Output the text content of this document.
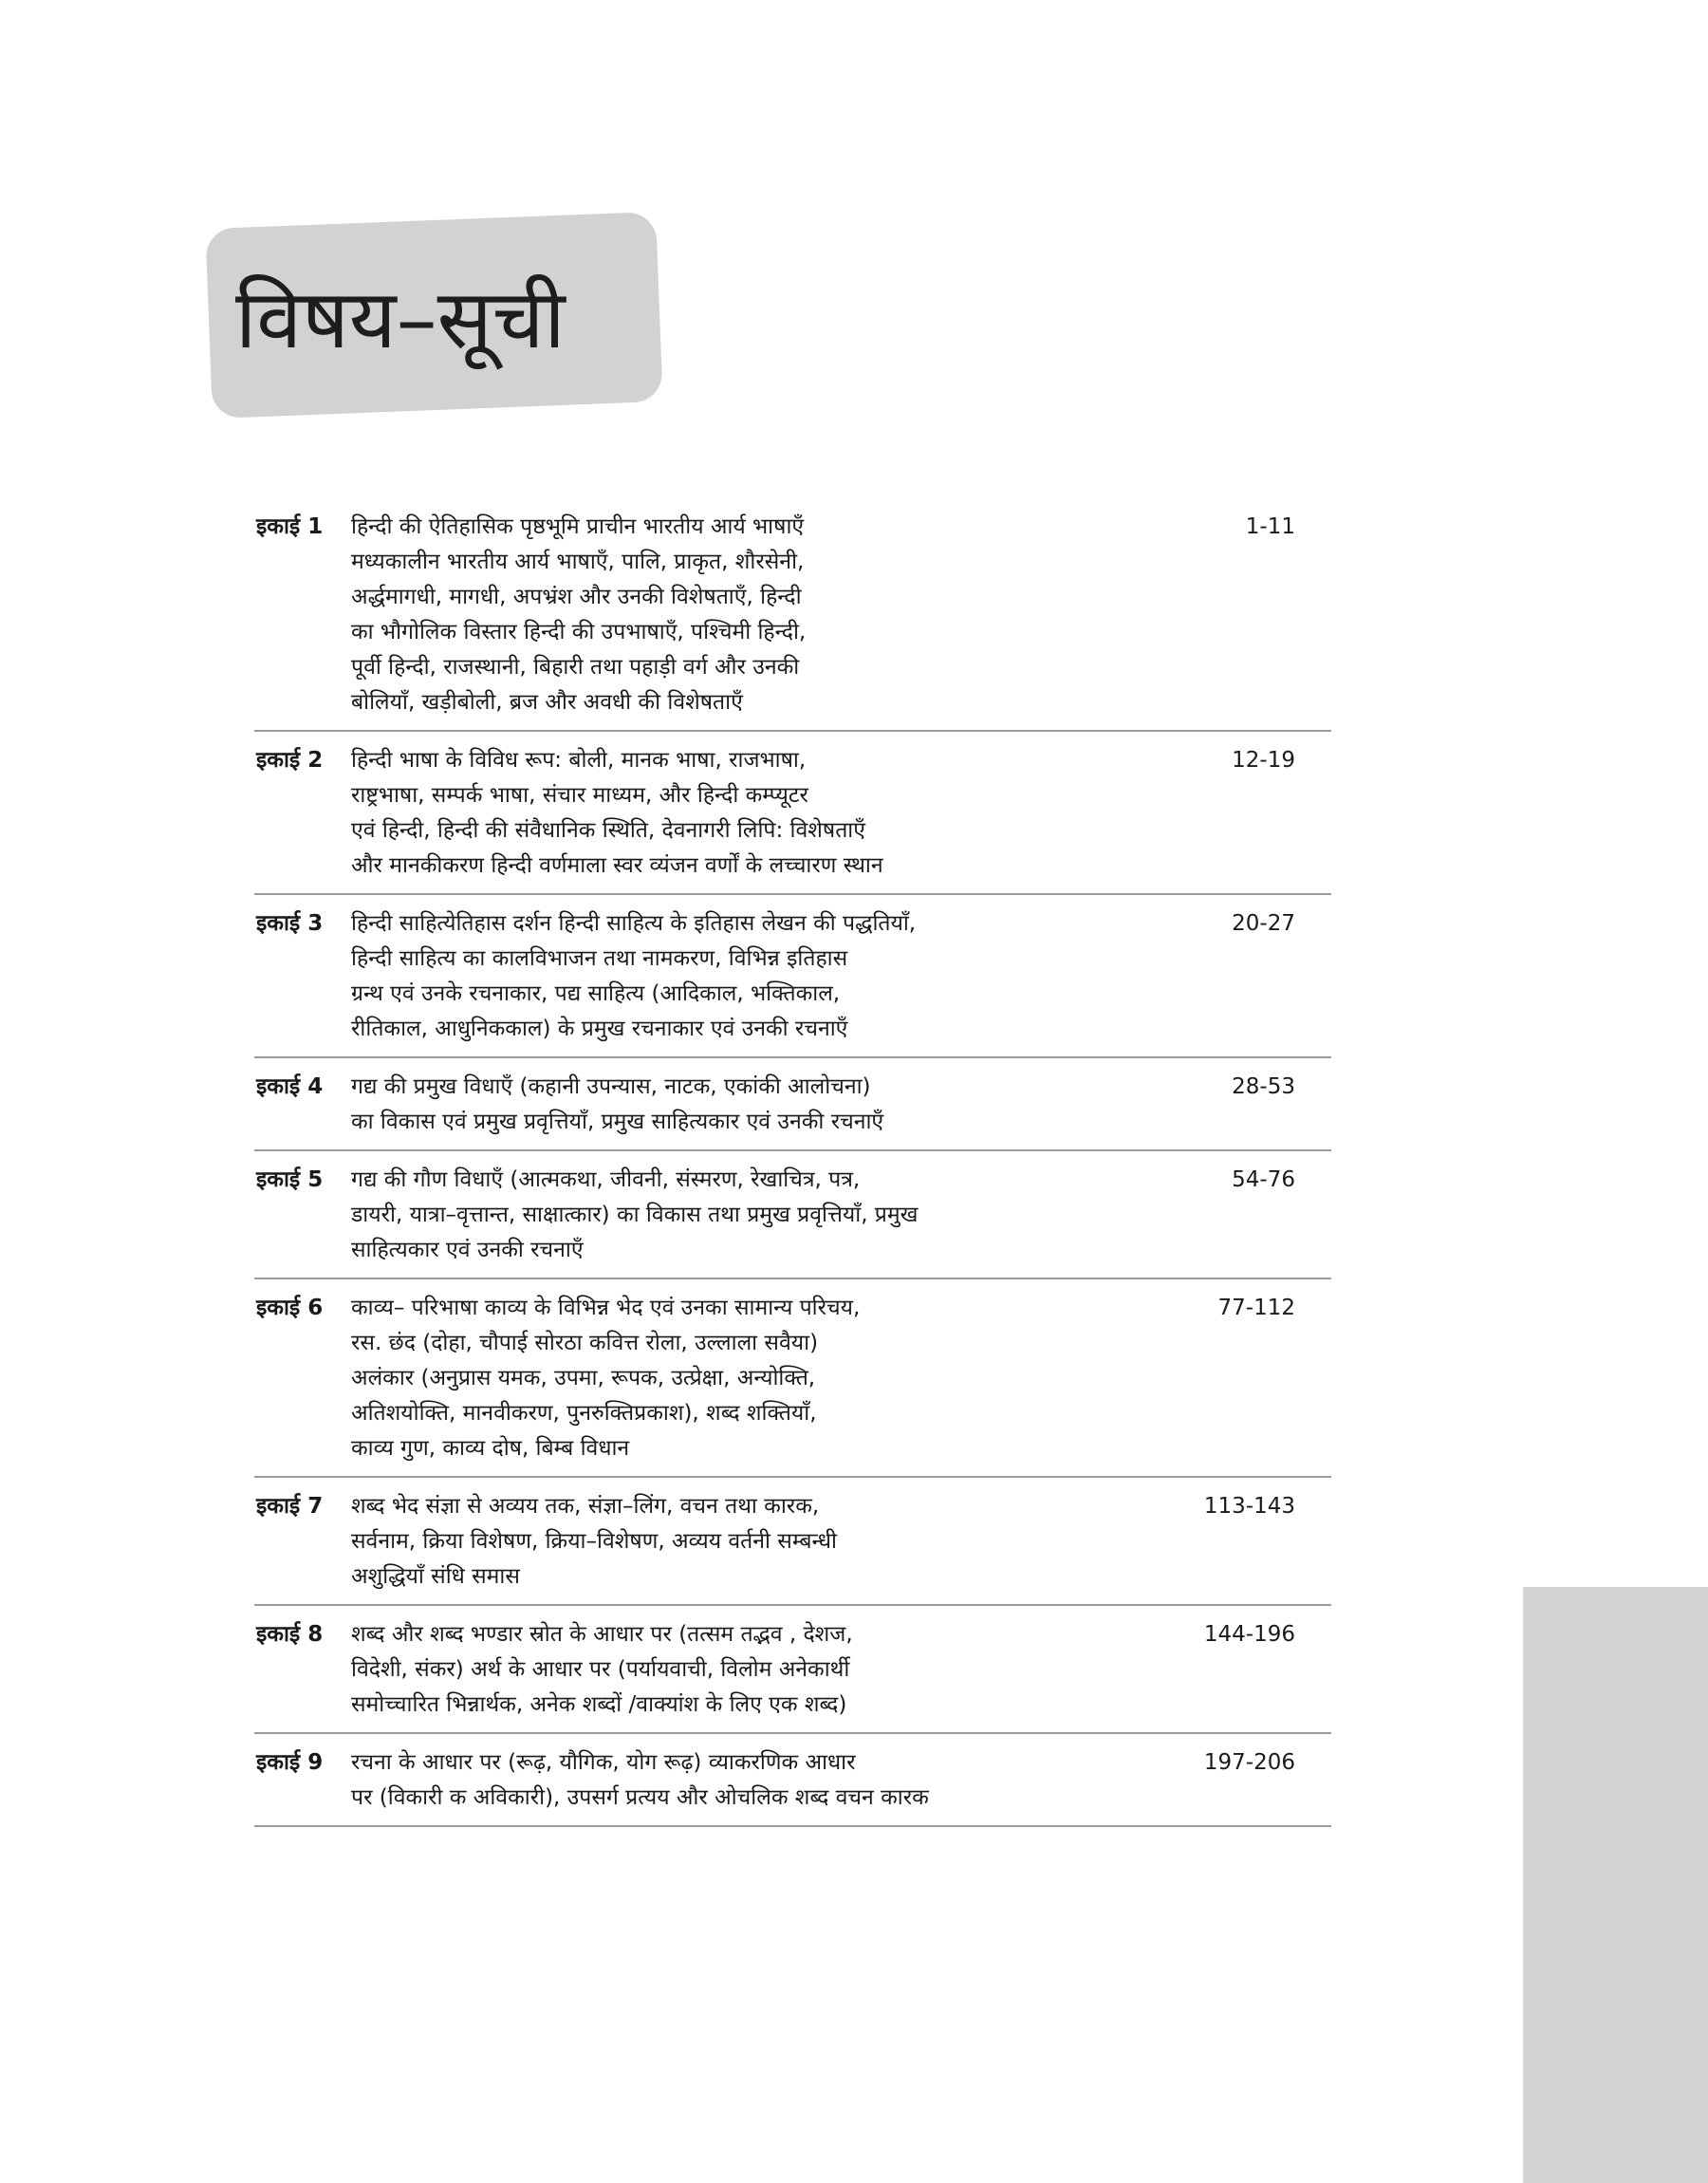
विषय–सूची
इकाई 1 हिन्दी की ऐतिहासिक पृष्ठभूमि प्राचीन भारतीय आर्य भाषाएँ
मध्यकालीन भारतीय आर्य भाषाएँ, पालि, प्राकृत, शौरसेनी,
अर्द्धमागधी, मागधी, अपभ्रंश और उनकी विशेषताएँ, हिन्दी
का भौगोलिक विस्तार हिन्दी की उपभाषाएँ, पश्चिमी हिन्दी,
पूर्वी हिन्दी, राजस्थानी, बिहारी तथा पहाड़ी वर्ग और उनकी
बोलियाँ, खड़ीबोली, ब्रज और अवधी की विशेषताएँ
1-11
इकाई 2 हिन्दी भाषा के विविध रूप: बोली, मानक भाषा, राजभाषा,
राष्ट्रभाषा, सम्पर्क भाषा, संचार माध्यम, और हिन्दी कम्प्यूटर
एवं हिन्दी, हिन्दी की संवैधानिक स्थिति, देवनागरी लिपि: विशेषताएँ
और मानकीकरण हिन्दी वर्णमाला स्वर व्यंजन वर्णों के लच्चारण स्थान
12-19
इकाई 3 हिन्दी साहित्येतिहास दर्शन हिन्दी साहित्य के इतिहास लेखन की पद्धतियाँ,
हिन्दी साहित्य का कालविभाजन तथा नामकरण, विभिन्न इतिहास
ग्रन्थ एवं उनके रचनाकार, पद्य साहित्य (आदिकाल, भक्तिकाल,
रीतिकाल, आधुनिककाल) के प्रमुख रचनाकार एवं उनकी रचनाएँ
20-27
इकाई 4 गद्य की प्रमुख विधाएँ (कहानी उपन्यास, नाटक, एकांकी आलोचना)
का विकास एवं प्रमुख प्रवृत्तियाँ, प्रमुख साहित्यकार एवं उनकी रचनाएँ
28-53
इकाई 5 गद्य की गौण विधाएँ (आत्मकथा, जीवनी, संस्मरण, रेखाचित्र, पत्र,
डायरी, यात्रा–वृत्तान्त, साक्षात्कार) का विकास तथा प्रमुख प्रवृत्तियाँ, प्रमुख
साहित्यकार एवं उनकी रचनाएँ
54-76
इकाई 6 काव्य– परिभाषा काव्य के विभिन्न भेद एवं उनका सामान्य परिचय,
रस. छंद (दोहा, चौपाई सोरठा कवित्त रोला, उल्लाला सवैया)
अलंकार (अनुप्रास यमक, उपमा, रूपक, उत्प्रेक्षा, अन्योक्ति,
अतिशयोक्ति, मानवीकरण, पुनरुक्तिप्रकाश), शब्द शक्तियाँ,
काव्य गुण, काव्य दोष, बिम्ब विधान
77-112
इकाई 7 शब्द भेद संज्ञा से अव्यय तक, संज्ञा–लिंग, वचन तथा कारक,
सर्वनाम, क्रिया विशेषण, क्रिया–विशेषण, अव्यय वर्तनी सम्बन्धी
अशुद्धियाँ संधि समास
113-143
इकाई 8 शब्द और शब्द भण्डार स्रोत के आधार पर (तत्सम तद्भव , देशज,
विदेशी, संकर) अर्थ के आधार पर (पर्यायवाची, विलोम अनेकार्थी
समोच्चारित भिन्नार्थक, अनेक शब्दों /वाक्यांश के लिए एक शब्द)
144-196
इकाई 9 रचना के आधार पर (रूढ़, यौगिक, योग रूढ़) व्याकरणिक आधार
पर (विकारी क अविकारी), उपसर्ग प्रत्यय और ओचलिक शब्द वचन कारक
197-206
